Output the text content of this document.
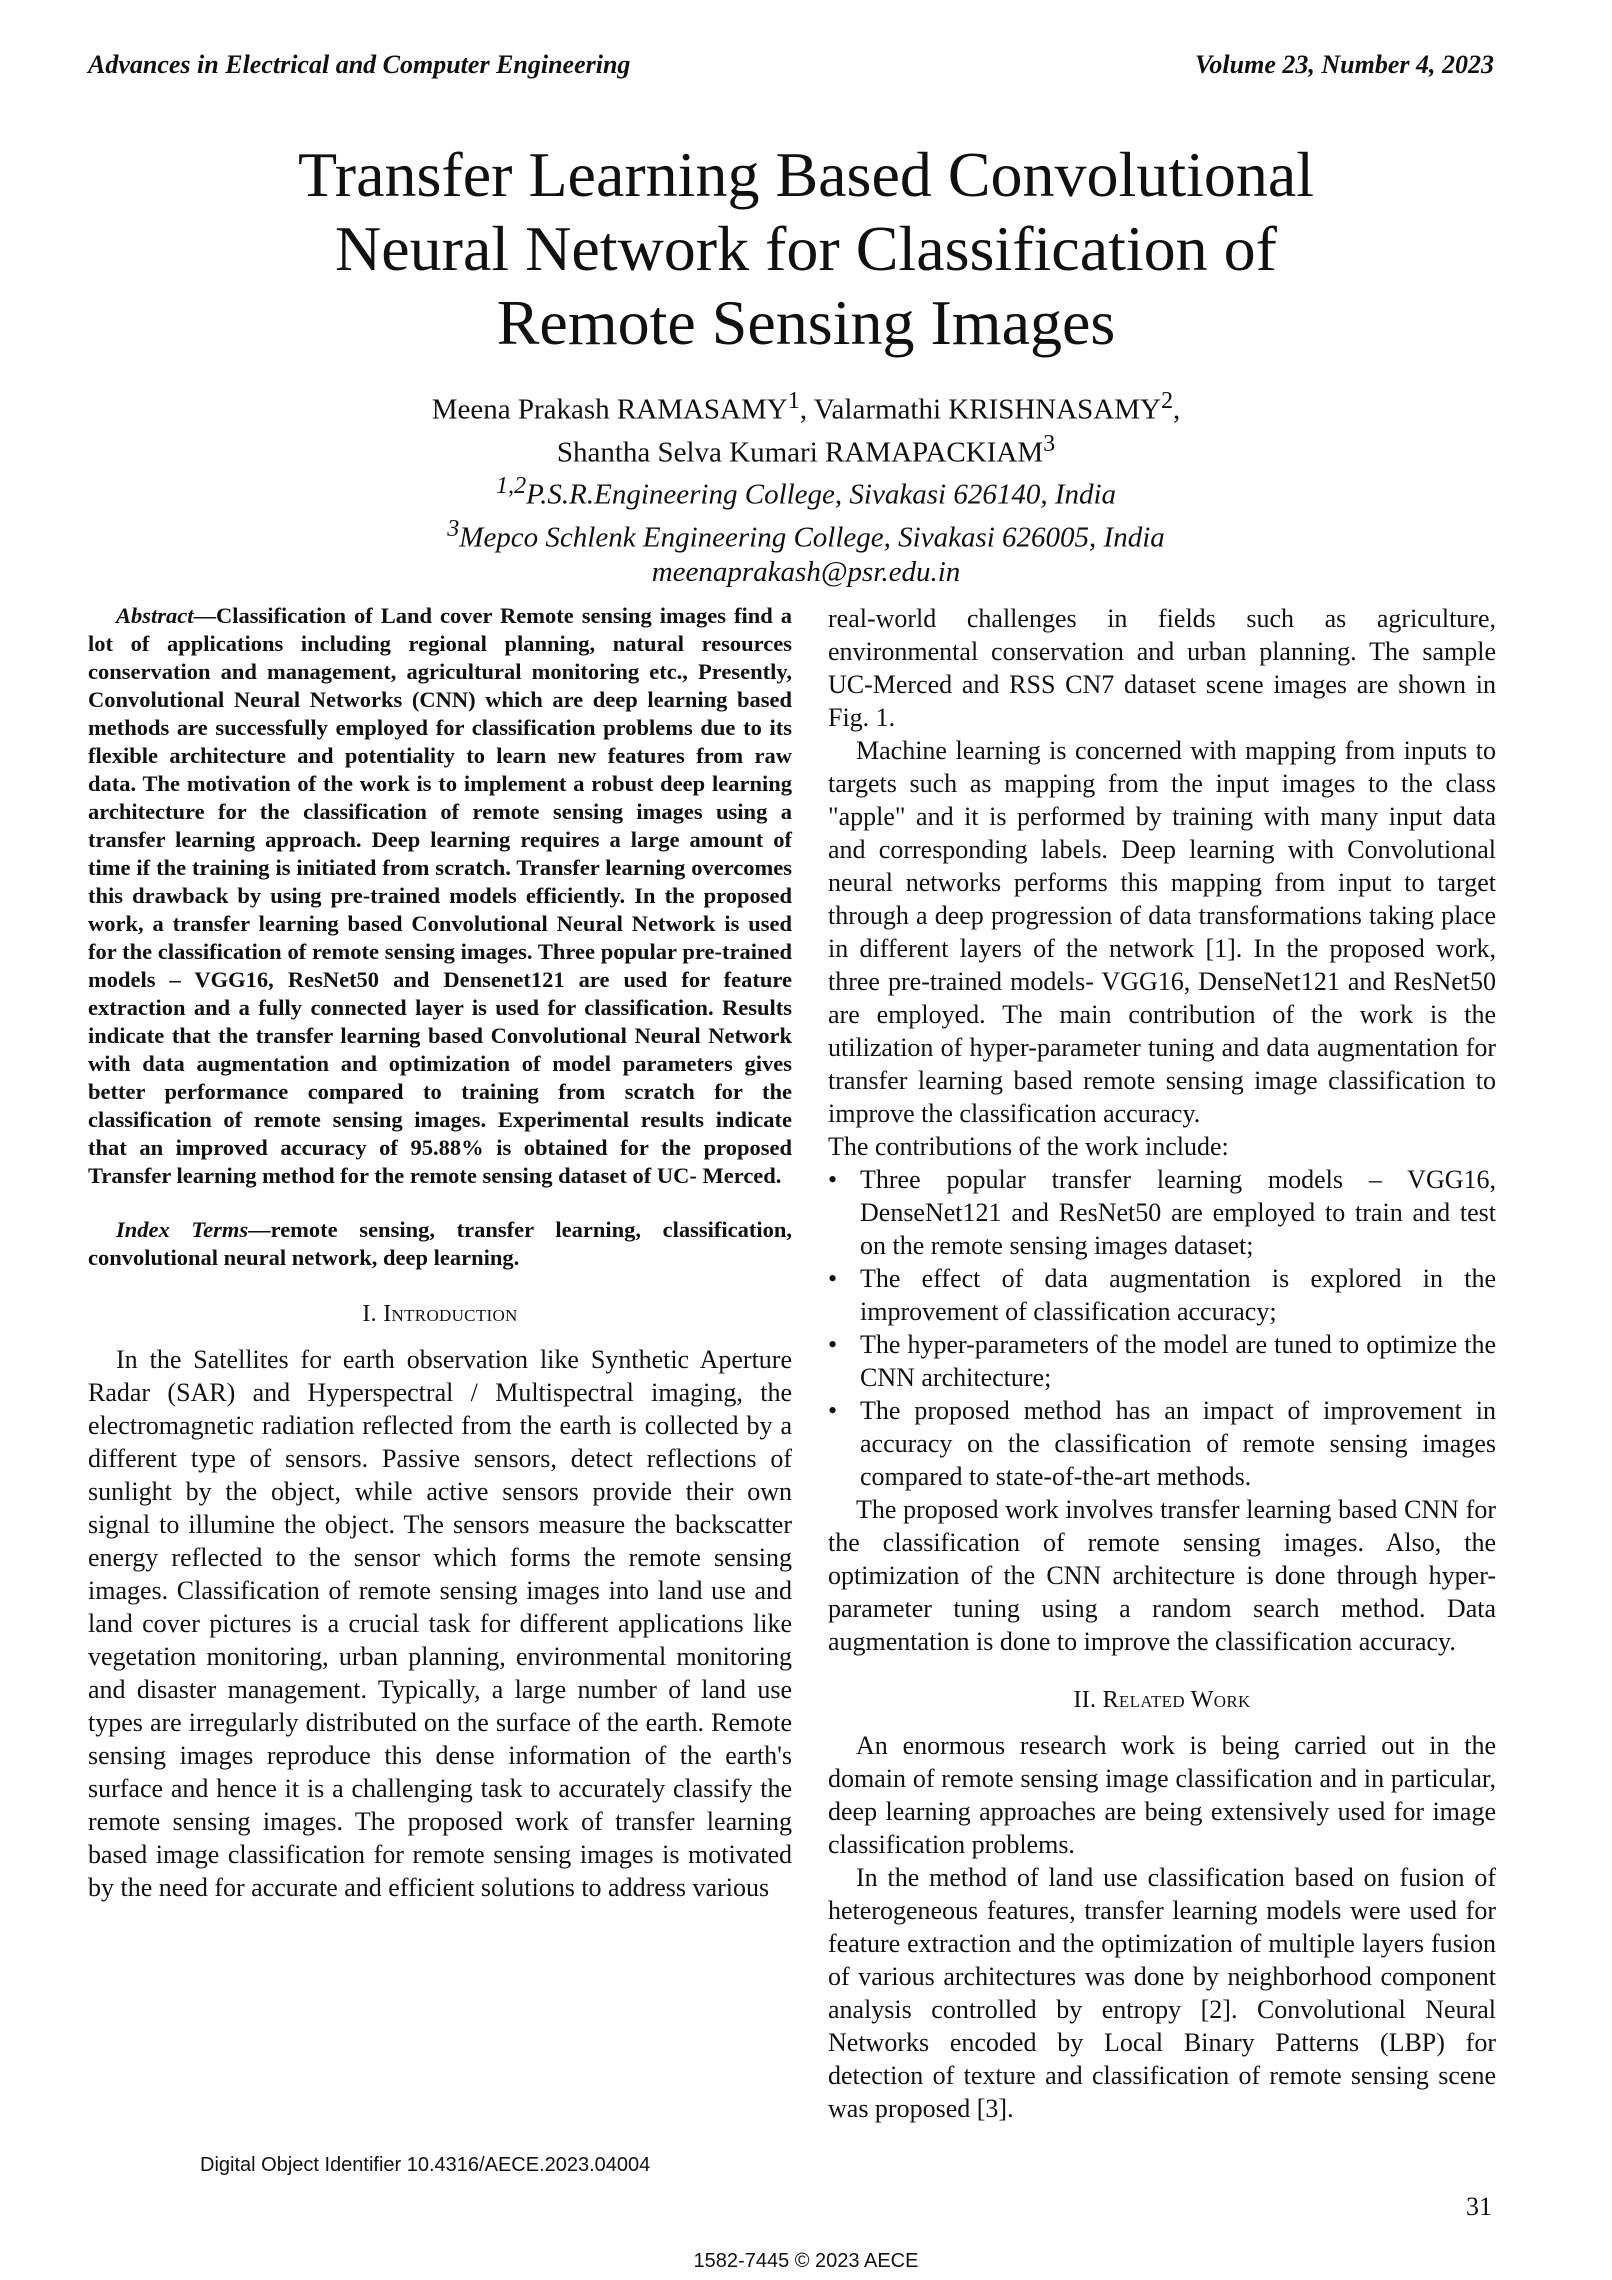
Advances in Electrical and Computer Engineering	Volume 23, Number 4, 2023
Transfer Learning Based Convolutional
Neural Network for Classification of
Remote Sensing Images
Meena Prakash RAMASAMY$^1$, Valarmathi KRISHNASAMY$^2$,
Shantha Selva Kumari RAMAPACKIAM$^3$
$^{1,2}$P.S.R.Engineering College, Sivakasi 626140, India
$^3$Mepco Schlenk Engineering College, Sivakasi 626005, India
meenaprakash@psr.edu.in

Abstract—Classification of Land cover Remote sensing images find a lot of applications including regional planning, natural resources conservation and management, agricultural monitoring etc., Presently, Convolutional Neural Networks (CNN) which are deep learning based methods are successfully employed for classification problems due to its flexible architecture and potentiality to learn new features from raw data. The motivation of the work is to implement a robust deep learning architecture for the classification of remote sensing images using a transfer learning approach. Deep learning requires a large amount of time if the training is initiated from scratch. Transfer learning overcomes this drawback by using pre-trained models efficiently. In the proposed work, a transfer learning based Convolutional Neural Network is used for the classification of remote sensing images. Three popular pre-trained models – VGG16, ResNet50 and Densenet121 are used for feature extraction and a fully connected layer is used for classification. Results indicate that the transfer learning based Convolutional Neural Network with data augmentation and optimization of model parameters gives better performance compared to training from scratch for the classification of remote sensing images. Experimental results indicate that an improved accuracy of 95.88% is obtained for the proposed Transfer learning method for the remote sensing dataset of UC- Merced.

Index Terms—remote sensing, transfer learning, classification, convolutional neural network, deep learning.

I. Introduction

In the Satellites for earth observation like Synthetic Aperture Radar (SAR) and Hyperspectral / Multispectral imaging, the electromagnetic radiation reflected from the earth is collected by a different type of sensors. Passive sensors, detect reflections of sunlight by the object, while active sensors provide their own signal to illumine the object. The sensors measure the backscatter energy reflected to the sensor which forms the remote sensing images. Classification of remote sensing images into land use and land cover pictures is a crucial task for different applications like vegetation monitoring, urban planning, environmental monitoring and disaster management. Typically, a large number of land use types are irregularly distributed on the surface of the earth. Remote sensing images reproduce this dense information of the earth's surface and hence it is a challenging task to accurately classify the remote sensing images. The proposed work of transfer learning based image classification for remote sensing images is motivated by the need for accurate and efficient solutions to address various

real-world challenges in fields such as agriculture, environmental conservation and urban planning. The sample UC-Merced and RSS CN7 dataset scene images are shown in Fig. 1.

Machine learning is concerned with mapping from inputs to targets such as mapping from the input images to the class "apple" and it is performed by training with many input data and corresponding labels. Deep learning with Convolutional neural networks performs this mapping from input to target through a deep progression of data transformations taking place in different layers of the network [1]. In the proposed work, three pre-trained models- VGG16, DenseNet121 and ResNet50 are employed. The main contribution of the work is the utilization of hyper-parameter tuning and data augmentation for transfer learning based remote sensing image classification to improve the classification accuracy.

The contributions of the work include:

• Three popular transfer learning models – VGG16, DenseNet121 and ResNet50 are employed to train and test on the remote sensing images dataset;
• The effect of data augmentation is explored in the improvement of classification accuracy;
• The hyper-parameters of the model are tuned to optimize the CNN architecture;
• The proposed method has an impact of improvement in accuracy on the classification of remote sensing images compared to state-of-the-art methods.

The proposed work involves transfer learning based CNN for the classification of remote sensing images. Also, the optimization of the CNN architecture is done through hyper-parameter tuning using a random search method. Data augmentation is done to improve the classification accuracy.

II. Related Work

An enormous research work is being carried out in the domain of remote sensing image classification and in particular, deep learning approaches are being extensively used for image classification problems.

In the method of land use classification based on fusion of heterogeneous features, transfer learning models were used for feature extraction and the optimization of multiple layers fusion of various architectures was done by neighborhood component analysis controlled by entropy [2]. Convolutional Neural Networks encoded by Local Binary Patterns (LBP) for detection of texture and classification of remote sensing scene was proposed [3].

Digital Object Identifier 10.4316/AECE.2023.04004
31
1582-7445 © 2023 AECE
